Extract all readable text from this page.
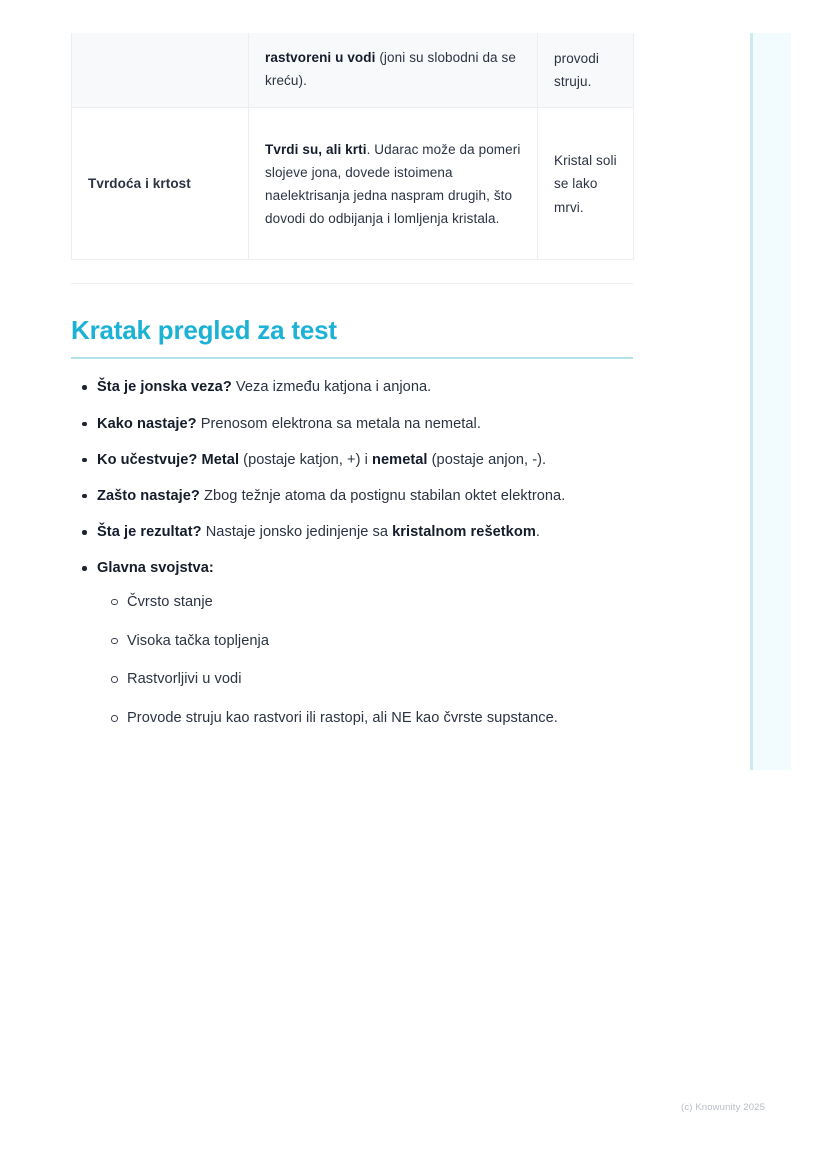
	rastvoreni u vodi (joni su slobodni da se kreću).	provodi struju.
Tvrdoća i krtost	Tvrdi su, ali krti. Udarac može da pomeri slojeve jona, dovede istoimena naelektrisanja jedna naspram drugih, što dovodi do odbijanja i lomljenja kristala.	Kristal soli se lako mrvi.
Kratak pregled za test
Šta je jonska veza? Veza između katjona i anjona.
Kako nastaje? Prenosom elektrona sa metala na nemetal.
Ko učestvuje? Metal (postaje katjon, +) i nemetal (postaje anjon, -).
Zašto nastaje? Zbog težnje atoma da postignu stabilan oktet elektrona.
Šta je rezultat? Nastaje jonsko jedinjenje sa kristalnom rešetkom.
Glavna svojstva:
Čvrsto stanje
Visoka tačka topljenja
Rastvorljivi u vodi
Provode struju kao rastvori ili rastopi, ali NE kao čvrste supstance.
(c) Knowunity 2025
